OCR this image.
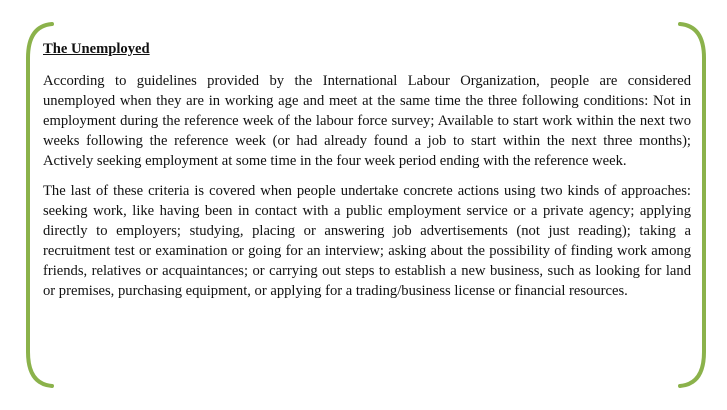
The Unemployed

According to guidelines provided by the International Labour Organization, people are considered unemployed when they are in working age and meet at the same time the three following conditions: Not in employment during the reference week of the labour force survey; Available to start work within the next two weeks following the reference week (or had already found a job to start within the next three months); Actively seeking employment at some time in the four week period ending with the reference week.

The last of these criteria is covered when people undertake concrete actions using two kinds of approaches: seeking work, like having been in contact with a public employment service or a private agency; applying directly to employers; studying, placing or answering job advertisements (not just reading); taking a recruitment test or examination or going for an interview; asking about the possibility of finding work among friends, relatives or acquaintances; or carrying out steps to establish a new business, such as looking for land or premises, purchasing equipment, or applying for a trading/business license or financial resources.
